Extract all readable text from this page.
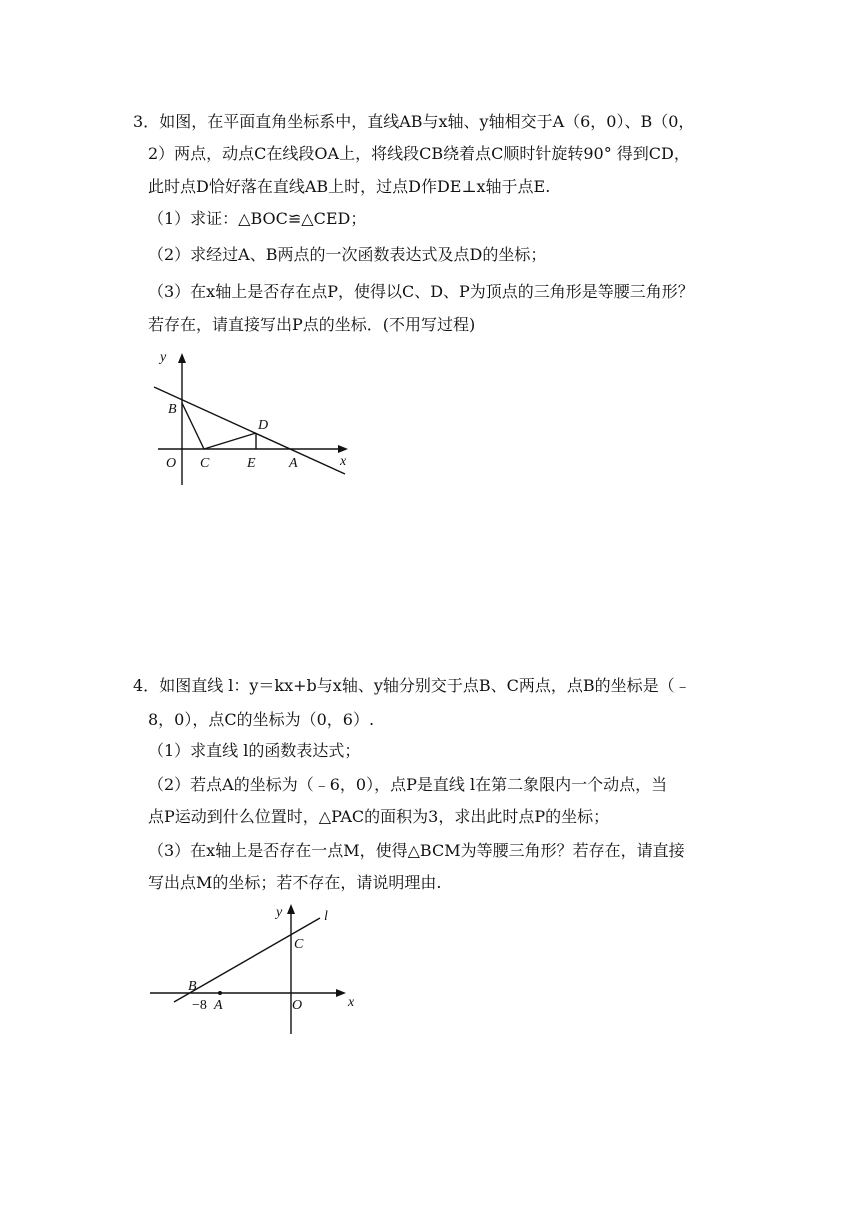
3．如图，在平面直角坐标系中，直线AB与x轴、y轴相交于A（6，0）、B（0，
2）两点，动点C在线段OA上，将线段CB绕着点C顺时针旋转90° 得到CD，
此时点D恰好落在直线AB上时，过点D作DE⊥x轴于点E.
（1）求证：△BOC≌△CED；
（2）求经过A、B两点的一次函数表达式及点D的坐标；
（3）在x轴上是否存在点P，使得以C、D、P为顶点的三角形是等腰三角形？
若存在，请直接写出P点的坐标．(不用写过程)
y
B
D
O C	E A	x
4．如图直线 l：y＝kx+b与x轴、y轴分别交于点B、C两点，点B的坐标是（﹣
8，0），点C的坐标为（0，6）.
（1）求直线 l的函数表达式；
（2）若点A的坐标为（﹣6，0），点P是直线 l在第二象限内一个动点，当
点P运动到什么位置时，△PAC的面积为3，求出此时点P的坐标；
（3）在x轴上是否存在一点M，使得△BCM为等腰三角形？若存在，请直接
写出点M的坐标；若不存在，请说明理由.
y	l
C
B
−8 A	O	x
